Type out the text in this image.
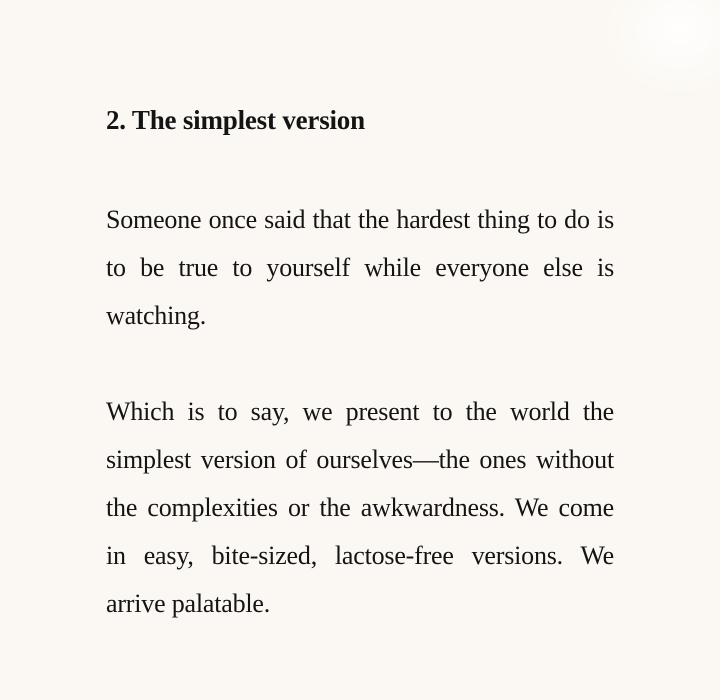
2. The simplest version

Someone once said that the hardest thing to do is to be true to yourself while everyone else is watching.

Which is to say, we present to the world the simplest version of ourselves—the ones without the complexities or the awkwardness. We come in easy, bite-sized, lactose-free versions. We arrive palatable.
